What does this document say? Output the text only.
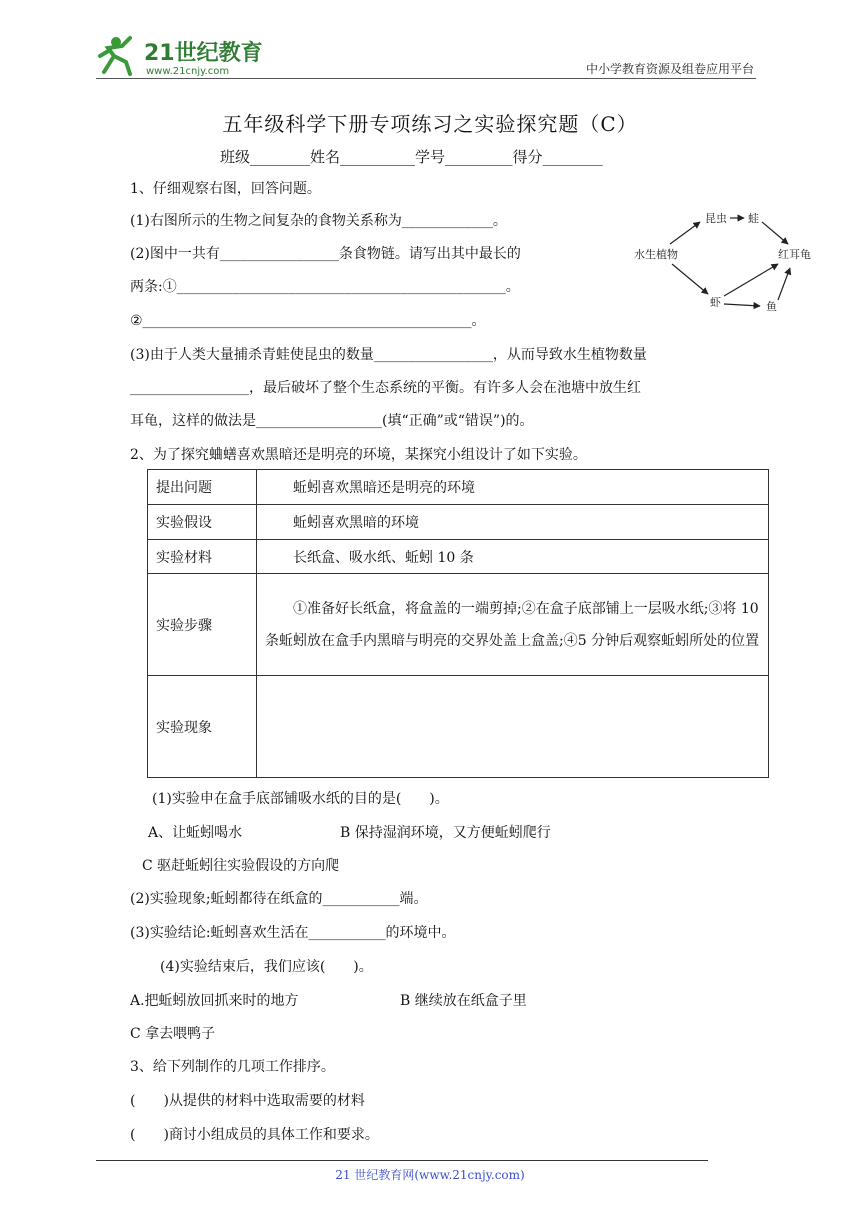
21世纪教育
www.21cnjy.com	中小学教育资源及组卷应用平台
五年级科学下册专项练习之实验探究题（C）
班级________姓名__________学号_________得分________
1、仔细观察右图，回答问题。
(1)右图所示的生物之间复杂的食物关系称为_____________。
(2)图中一共有_________________条食物链。请写出其中最长的
两条:①_______________________________________________。
②_______________________________________________。
(3)由于人类大量捕杀青蛙使昆虫的数量_________________，从而导致水生植物数量
_________________，最后破坏了整个生态系统的平衡。有许多人会在池塘中放生红
耳龟，这样的做法是__________________(填“正确”或“错误”)的。
水生植物
昆虫 蛙
红耳龟
虾	鱼
2、为了探究蛐蟮喜欢黑暗还是明亮的环境，某探究小组设计了如下实验。
提出问题	蚯蚓喜欢黑暗还是明亮的环境
实验假设	蚯蚓喜欢黑暗的环境
实验材料	长纸盒、吸水纸、蚯蚓 10 条
实验步骤	①准备好长纸盒，将盒盖的一端剪掉;②在盒子底部铺上一层吸水纸;③将 10 条蚯蚓放在盒手内黑暗与明亮的交界处盖上盒盖;④5 分钟后观察蚯蚓所处的位置
实验现象	
(1)实验申在盒手底部铺吸水纸的目的是(　　)。
A、让蚯蚓喝水	B 保持湿润环境，又方便蚯蚓爬行
C 驱赶蚯蚓往实验假设的方向爬
(2)实验现象;蚯蚓都待在纸盒的___________端。
(3)实验结论:蚯蚓喜欢生活在___________的环境中。
(4)实验结束后，我们应该(　　)。
A.把蚯蚓放回抓来时的地方	B 继续放在纸盒子里
C 拿去喂鸭子
3、给下列制作的几项工作排序。
(　　)从提供的材料中选取需要的材料
(　　)商讨小组成员的具体工作和要求。
21 世纪教育网(www.21cnjy.com)
